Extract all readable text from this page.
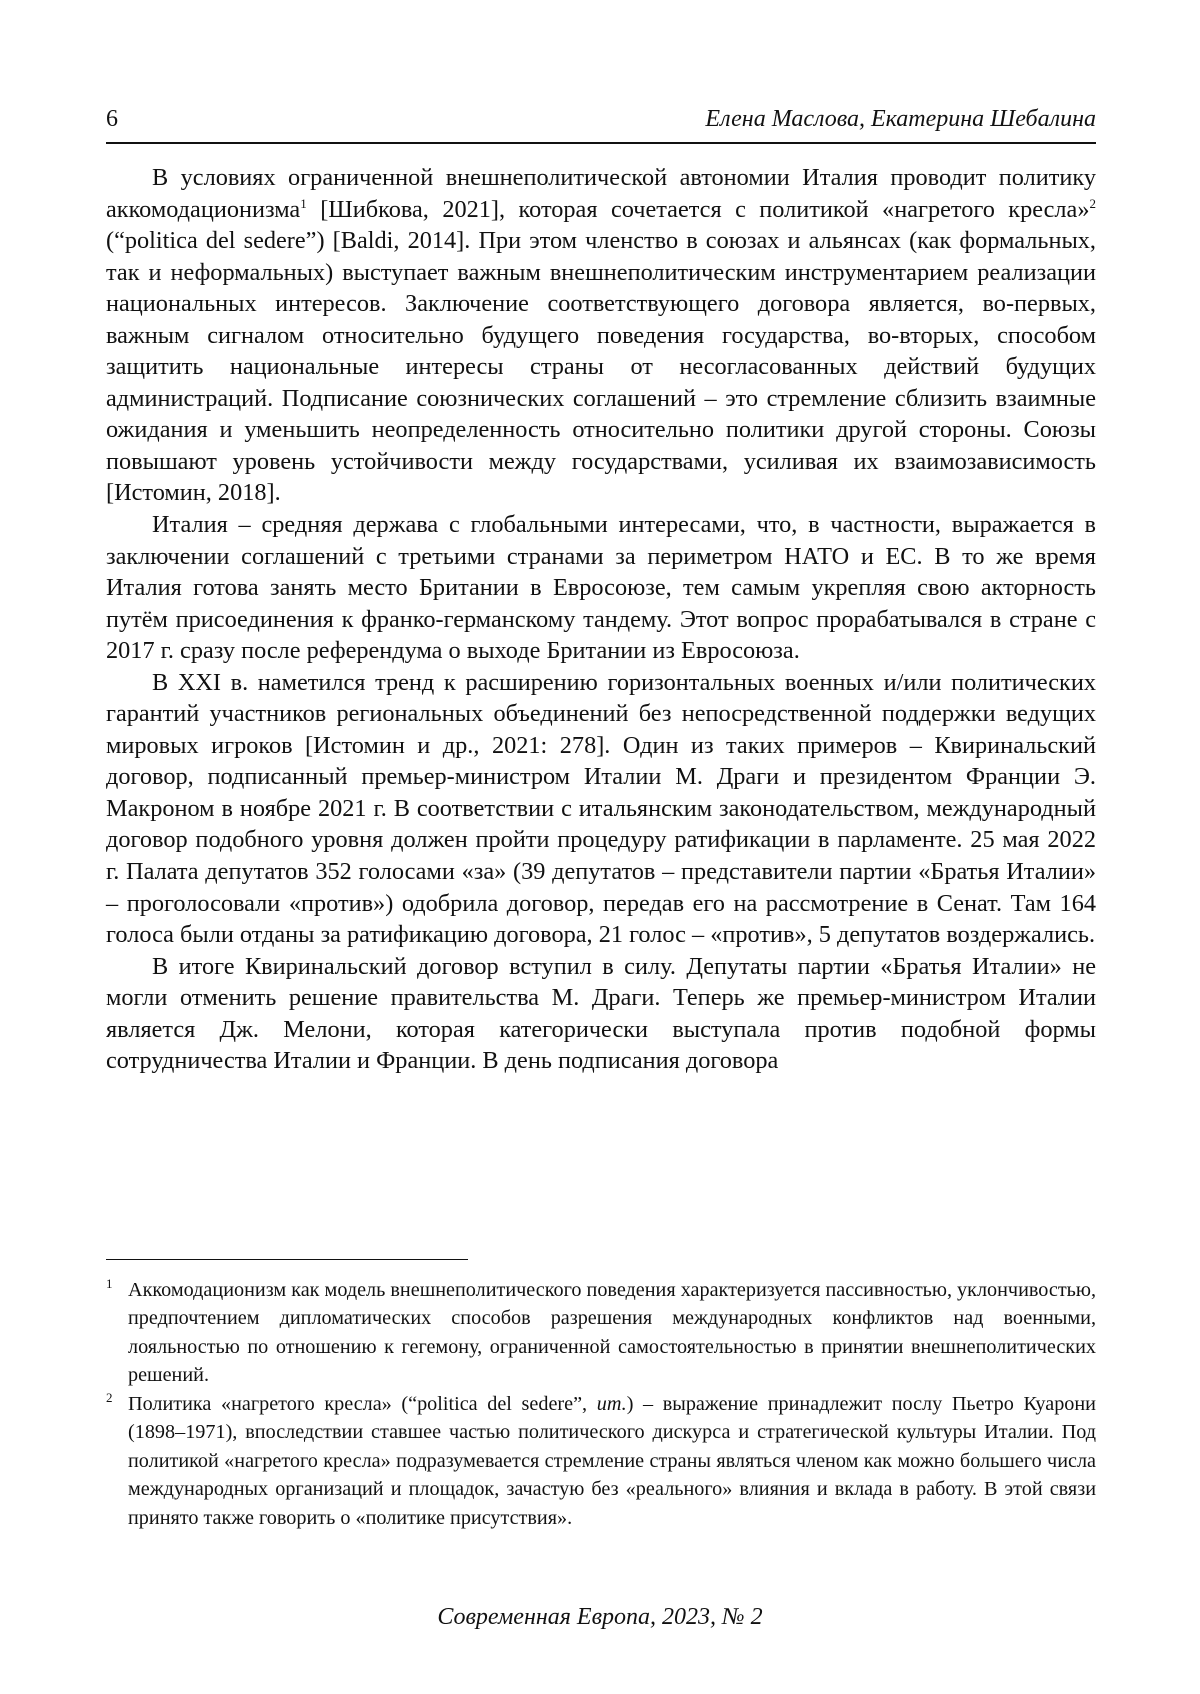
6	Елена Маслова, Екатерина Шебалина

В условиях ограниченной внешнеполитической автономии Италия проводит политику аккомодационизма$^1$ [Шибкова, 2021], которая сочетается с политикой «нагретого кресла»$^2$ (“politica del sedere”) [Baldi, 2014]. При этом членство в союзах и альянсах (как формальных, так и неформальных) выступает важным внешнеполитическим инструментарием реализации национальных интересов. Заключение соответствующего договора является, во-первых, важным сигналом относительно будущего поведения государства, во-вторых, способом защитить национальные интересы страны от несогласованных действий будущих администраций. Подписание союзнических соглашений – это стремление сблизить взаимные ожидания и уменьшить неопределенность относительно политики другой стороны. Союзы повышают уровень устойчивости между государствами, усиливая их взаимозависимость [Истомин, 2018].

Италия – средняя держава с глобальными интересами, что, в частности, выражается в заключении соглашений с третьими странами за периметром НАТО и ЕС. В то же время Италия готова занять место Британии в Евросоюзе, тем самым укрепляя свою акторность путём присоединения к франко-германскому тандему. Этот вопрос прорабатывался в стране с 2017 г. сразу после референдума о выходе Британии из Евросоюза.

В XXI в. наметился тренд к расширению горизонтальных военных и/или политических гарантий участников региональных объединений без непосредственной поддержки ведущих мировых игроков [Истомин и др., 2021: 278]. Один из таких примеров – Квиринальский договор, подписанный премьер-министром Италии М. Драги и президентом Франции Э. Макроном в ноябре 2021 г. В соответствии с итальянским законодательством, международный договор подобного уровня должен пройти процедуру ратификации в парламенте. 25 мая 2022 г. Палата депутатов 352 голосами «за» (39 депутатов – представители партии «Братья Италии» – проголосовали «против») одобрила договор, передав его на рассмотрение в Сенат. Там 164 голоса были отданы за ратификацию договора, 21 голос – «против», 5 депутатов воздержались.

В итоге Квиринальский договор вступил в силу. Депутаты партии «Братья Италии» не могли отменить решение правительства М. Драги. Теперь же премьер-министром Италии является Дж. Мелони, которая категорически выступала против подобной формы сотрудничества Италии и Франции. В день подписания договора

1 Аккомодационизм как модель внешнеполитического поведения характеризуется пассивностью, уклончивостью, предпочтением дипломатических способов разрешения международных конфликтов над военными, лояльностью по отношению к гегемону, ограниченной самостоятельностью в принятии внешнеполитических решений.

2 Политика «нагретого кресла» (“politica del sedere”, ит.) – выражение принадлежит послу Пьетро Куарони (1898–1971), впоследствии ставшее частью политического дискурса и стратегической культуры Италии. Под политикой «нагретого кресла» подразумевается стремление страны являться членом как можно большего числа международных организаций и площадок, зачастую без «реального» влияния и вклада в работу. В этой связи принято также говорить о «политике присутствия».

Современная Европа, 2023, № 2
